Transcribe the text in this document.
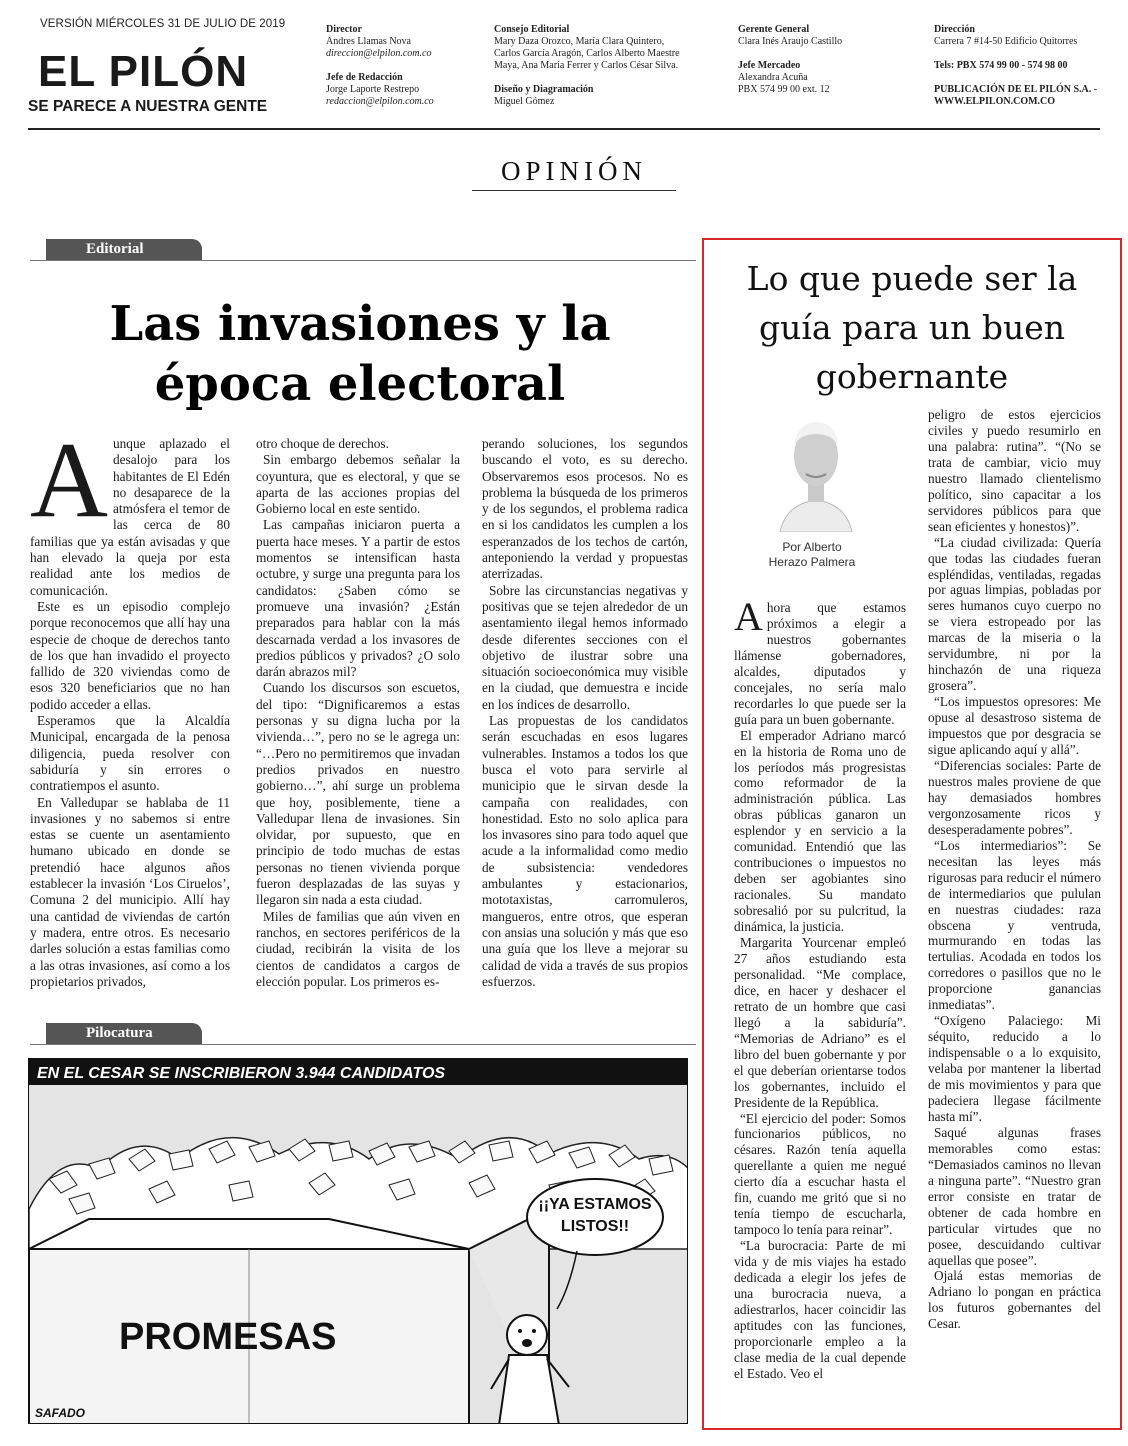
VERSIÓN MIÉRCOLES 31 DE JULIO DE 2019
EL PILÓN
SE PARECE A NUESTRA GENTE
Director
Andres Llamas Nova
direccion@elpilon.com.co
Jefe de Redacción
Jorge Laporte Restrepo
redaccion@elpilon.com.co
Consejo Editorial
Mary Daza Orozco, María Clara Quintero,
Carlos García Aragón, Carlos Alberto Maestre
Maya, Ana María Ferrer y Carlos César Silva.
Diseño y Diagramación
Miguel Gómez
Gerente General
Clara Inés Araujo Castillo
Jefe Mercadeo
Alexandra Acuña
PBX 574 99 00 ext. 12
Dirección
Carrera 7 #14-50 Edificio Quitorres
Tels: PBX 574 99 00 - 574 98 00
PUBLICACIÓN DE EL PILÓN S.A. -
WWW.ELPILON.COM.CO
OPINIÓN
Editorial
Las invasiones y la
época electoral
A unque aplazado el desalojo para los habitantes de El Edén no desaparece de la atmósfera el temor de las cerca de 80 familias que ya están avisadas y que han elevado la queja por esta realidad ante los medios de comunicación.

Este es un episodio complejo porque reconocemos que allí hay una especie de choque de derechos tanto de los que han invadido el proyecto fallido de 320 viviendas como de esos 320 beneficiarios que no han podido acceder a ellas.

Esperamos que la Alcaldía Municipal, encargada de la penosa diligencia, pueda resolver con sabiduría y sin errores o contratiempos el asunto.

En Valledupar se hablaba de 11 invasiones y no sabemos si entre estas se cuente un asentamiento humano ubicado en donde se pretendió hace algunos años establecer la invasión ‘Los Ciruelos’, Comuna 2 del municipio. Allí hay una cantidad de viviendas de cartón y madera, entre otros. Es necesario darles solución a estas familias como a las otras invasiones, así como a los propietarios privados,

otro choque de derechos.

Sin embargo debemos señalar la coyuntura, que es electoral, y que se aparta de las acciones propias del Gobierno local en este sentido.

Las campañas iniciaron puerta a puerta hace meses. Y a partir de estos momentos se intensifican hasta octubre, y surge una pregunta para los candidatos: ¿Saben cómo se promueve una invasión? ¿Están preparados para hablar con la más descarnada verdad a los invasores de predios públicos y privados? ¿O solo darán abrazos mil?

Cuando los discursos son escuetos, del tipo: “Dignificaremos a estas personas y su digna lucha por la vivienda…”, pero no se le agrega un: “…Pero no permitiremos que invadan predios privados en nuestro gobierno…”, ahí surge un problema que hoy, posiblemente, tiene a Valledupar llena de invasiones. Sin olvidar, por supuesto, que en principio de todo muchas de estas personas no tienen vivienda porque fueron desplazadas de las suyas y llegaron sin nada a esta ciudad.

Miles de familias que aún viven en ranchos, en sectores periféricos de la ciudad, recibirán la visita de los cientos de candidatos a cargos de elección popular. Los primeros es-

perando soluciones, los segundos buscando el voto, es su derecho. Observaremos esos procesos. No es problema la búsqueda de los primeros y de los segundos, el problema radica en si los candidatos les cumplen a los esperanzados de los techos de cartón, anteponiendo la verdad y propuestas aterrizadas.

Sobre las circunstancias negativas y positivas que se tejen alrededor de un asentamiento ilegal hemos informado desde diferentes secciones con el objetivo de ilustrar sobre una situación socioeconómica muy visible en la ciudad, que demuestra e incide en los índices de desarrollo.

Las propuestas de los candidatos serán escuchadas en esos lugares vulnerables. Instamos a todos los que busca el voto para servirle al municipio que le sirvan desde la campaña con realidades, con honestidad. Esto no solo aplica para los invasores sino para todo aquel que acude a la informalidad como medio de subsistencia: vendedores ambulantes y estacionarios, mototaxistas, carromuleros, mangueros, entre otros, que esperan con ansias una solución y más que eso una guía que los lleve a mejorar su calidad de vida a través de sus propios esfuerzos.

Pilocatura
EN EL CESAR SE INSCRIBIERON 3.944 CANDIDATOS
PROMESAS
¡¡YA ESTAMOS
LISTOS!!
SAFADO
Lo que puede ser la
guía para un buen
gobernante
Por Alberto
Herazo Palmera
A hora que estamos próximos a elegir a nuestros gobernantes llámense gobernadores, alcaldes, diputados y concejales, no sería malo recordarles lo que puede ser la guía para un buen gobernante.

El emperador Adriano marcó en la historia de Roma uno de los períodos más progresistas como reformador de la administración pública. Las obras públicas ganaron un esplendor y en servicio a la comunidad. Entendió que las contribuciones o impuestos no deben ser agobiantes sino racionales. Su mandato sobresalió por su pulcritud, la dinámica, la justicia.

Margarita Yourcenar empleó 27 años estudiando esta personalidad. “Me complace, dice, en hacer y deshacer el retrato de un hombre que casi llegó a la sabiduría”. “Memorias de Adriano” es el libro del buen gobernante y por el que deberían orientarse todos los gobernantes, incluido el Presidente de la República.

“El ejercicio del poder: Somos funcionarios públicos, no césares. Razón tenía aquella querellante a quien me negué cierto día a escuchar hasta el fin, cuando me gritó que si no tenía tiempo de escucharla, tampoco lo tenía para reinar”.

“La burocracia: Parte de mi vida y de mis viajes ha estado dedicada a elegir los jefes de una burocracia nueva, a adiestrarlos, hacer coincidir las aptitudes con las funciones, proporcionarle empleo a la clase media de la cual depende el Estado. Veo el

peligro de estos ejercicios civiles y puedo resumirlo en una palabra: rutina”. “(No se trata de cambiar, vicio muy nuestro llamado clientelismo político, sino capacitar a los servidores públicos para que sean eficientes y honestos)”.

“La ciudad civilizada: Quería que todas las ciudades fueran espléndidas, ventiladas, regadas por aguas limpias, pobladas por seres humanos cuyo cuerpo no se viera estropeado por las marcas de la miseria o la servidumbre, ni por la hinchazón de una riqueza grosera”.

“Los impuestos opresores: Me opuse al desastroso sistema de impuestos que por desgracia se sigue aplicando aquí y allá”.

“Diferencias sociales: Parte de nuestros males proviene de que hay demasiados hombres vergonzosamente ricos y desesperadamente pobres”.

“Los intermediarios”: Se necesitan las leyes más rigurosas para reducir el número de intermediarios que pululan en nuestras ciudades: raza obscena y ventruda, murmurando en todas las tertulias. Acodada en todos los corredores o pasillos que no le proporcione ganancias inmediatas”.

“Oxígeno Palaciego: Mi séquito, reducido a lo indispensable o a lo exquisito, velaba por mantener la libertad de mis movimientos y para que padeciera llegase fácilmente hasta mí”.

Saqué algunas frases memorables como estas: “Demasiados caminos no llevan a ninguna parte”. “Nuestro gran error consiste en tratar de obtener de cada hombre en particular virtudes que no posee, descuidando cultivar aquellas que posee”.

Ojalá estas memorias de Adriano lo pongan en práctica los futuros gobernantes del Cesar.
